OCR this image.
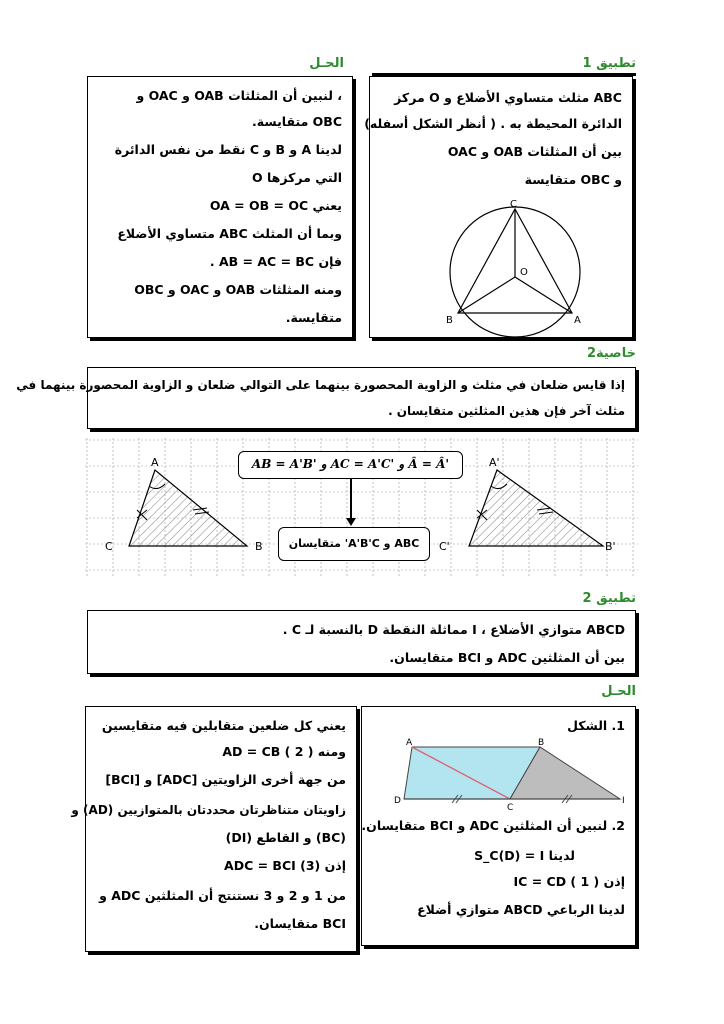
تطبيق 1
ABC مثلث متساوي الأضلاع و O مركز
الدائرة المحيطة به . ( أنظر الشكل أسفله)
بين أن المثلثات OAB و OAC
و OBC متقايسة
C
O
B	A
الحـل
، لنبين أن المثلثات OAB و OAC و
OBC متقايسة.
لدينا A و B و C نقط من نفس الدائرة
التي مركزها O
يعني OA = OB = OC
وبما أن المثلث ABC متساوي الأضلاع
فإن AB = AC = BC .
ومنه المثلثات OAB و OAC و OBC
متقايسة.
خاصية2
إذا قايس ضلعان في مثلث و الزاوية المحصورة بينهما على التوالي ضلعان و الزاوية المحصورة بينهما في
مثلث آخر فإن هذين المثلثين متقايسان .
A
C	B
A'
C'	B'
AB = A'B' و AC = A'C' و Â = Â'
ABC و A'B'C' متقايسان
تطبيق 2
ABCD متوازي الأضلاع ، I مماثلة النقطة D بالنسبة لـ C .
بين أن المثلثين ADC و BCI متقايسان.
الحـل
1. الشكل
A	B
C
D	I
2. لنبين أن المثلثين ADC و BCI متقايسان.
لدينا S_C(D) = I
إذن IC = CD ( 1 )
لدينا الرباعي ABCD متوازي أضلاع
يعني كل ضلعين متقابلين فيه متقايسين
ومنه AD = CB ( 2 )
من جهة أخرى الزاويتين [ADC] و [BCI]
زاويتان متناظرتان محددتان بالمتوازيين (AD) و
(BC) و القاطع (DI)
إذن ADC = BCI (3)
من 1 و 2 و 3 نستنتج أن المثلثين ADC و
BCI متقايسان.
